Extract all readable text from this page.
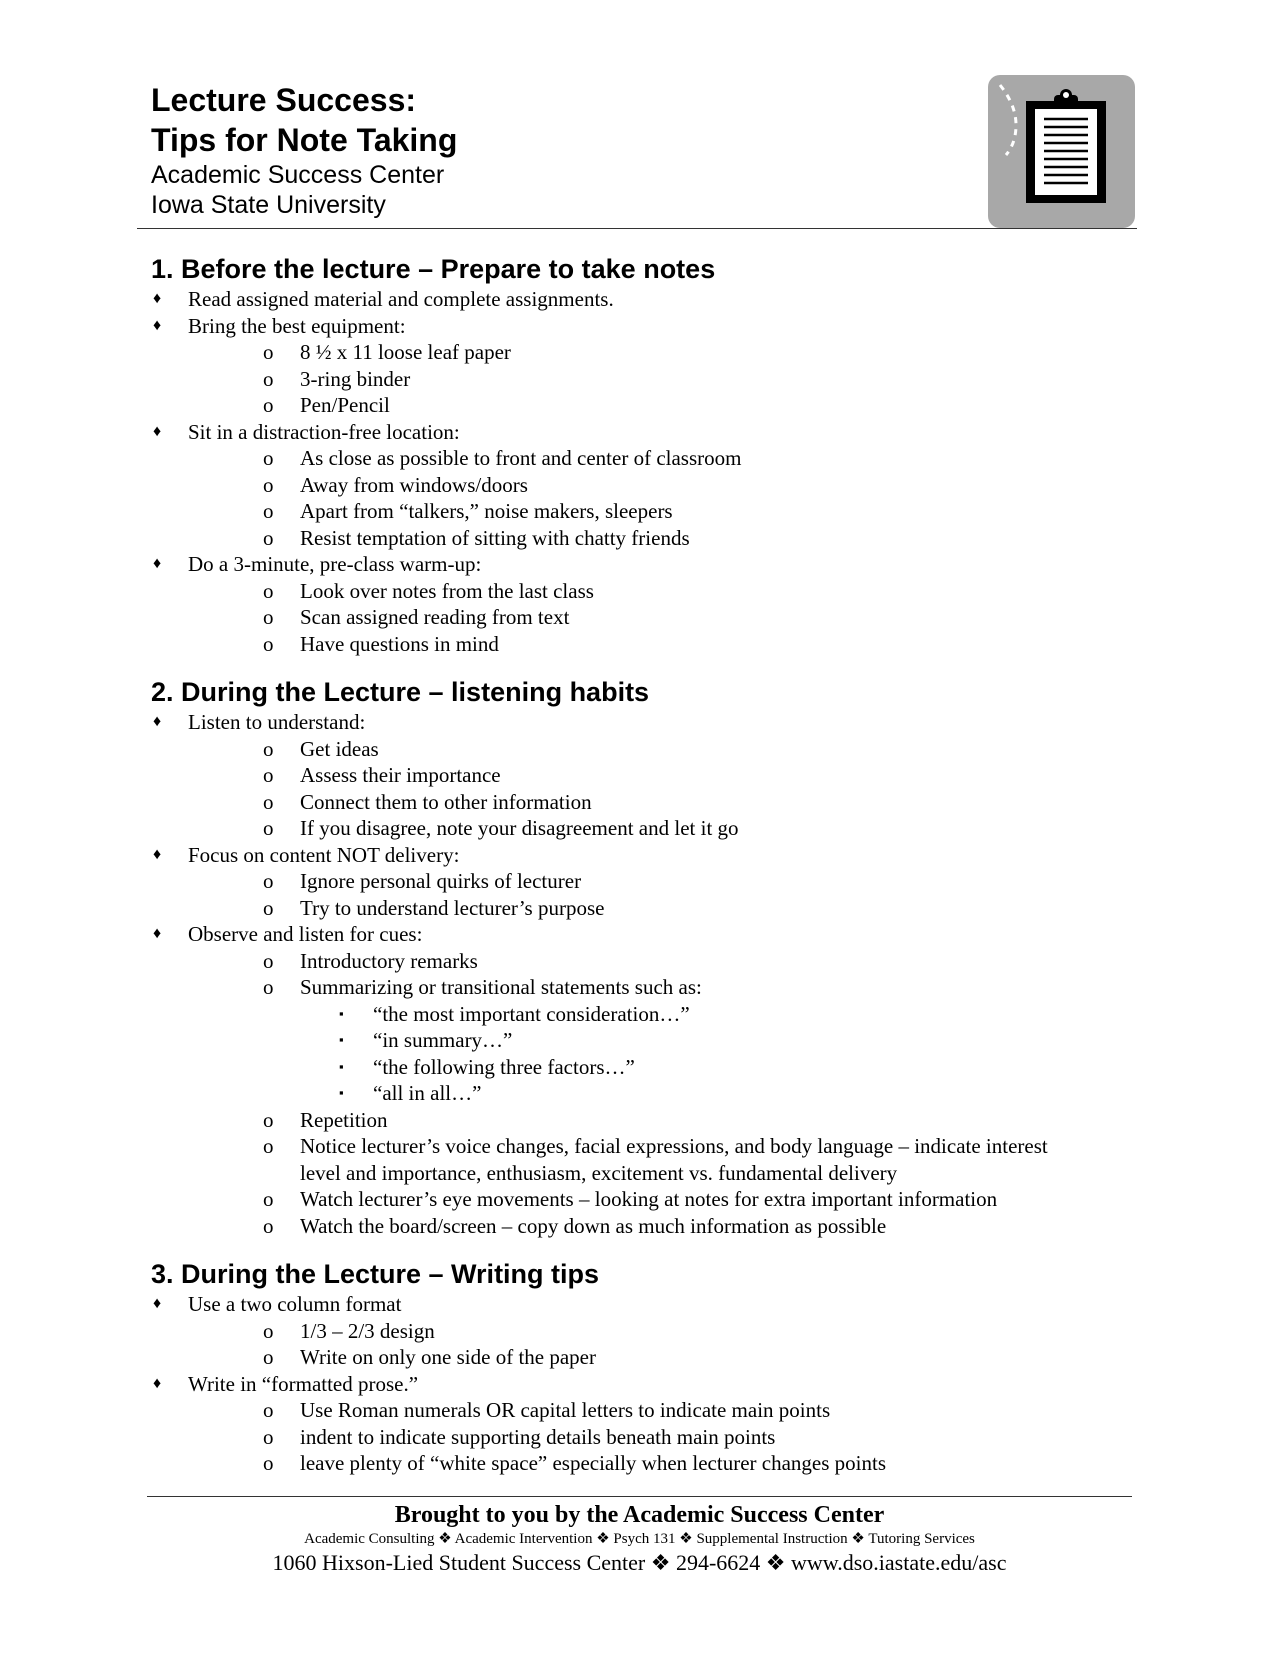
Lecture Success:

Tips for Note Taking

Academic Success Center

Iowa State University

1. Before the lecture – Prepare to take notes

♦ Read assigned material and complete assignments.
♦ Bring the best equipment:
o 8 ½ x 11 loose leaf paper
o 3-ring binder
o Pen/Pencil
♦ Sit in a distraction-free location:
o As close as possible to front and center of classroom
o Away from windows/doors
o Apart from “talkers,” noise makers, sleepers
o Resist temptation of sitting with chatty friends
♦ Do a 3-minute, pre-class warm-up:
o Look over notes from the last class
o Scan assigned reading from text
o Have questions in mind

2. During the Lecture – listening habits

♦ Listen to understand:
o Get ideas
o Assess their importance
o Connect them to other information
o If you disagree, note your disagreement and let it go
♦ Focus on content NOT delivery:
o Ignore personal quirks of lecturer
o Try to understand lecturer’s purpose
♦ Observe and listen for cues:
o Introductory remarks
o Summarizing or transitional statements such as:
▪ “the most important consideration…”
▪ “in summary…”
▪ “the following three factors…”
▪ “all in all…”
o Repetition
o Notice lecturer’s voice changes, facial expressions, and body language – indicate interest
level and importance, enthusiasm, excitement vs. fundamental delivery
o Watch lecturer’s eye movements – looking at notes for extra important information
o Watch the board/screen – copy down as much information as possible

3. During the Lecture – Writing tips

♦ Use a two column format
o 1/3 – 2/3 design
o Write on only one side of the paper
♦ Write in “formatted prose.”
o Use Roman numerals OR capital letters to indicate main points
o indent to indicate supporting details beneath main points
o leave plenty of “white space” especially when lecturer changes points

Brought to you by the Academic Success Center

Academic Consulting ❖ Academic Intervention ❖ Psych 131 ❖ Supplemental Instruction ❖ Tutoring Services

1060 Hixson-Lied Student Success Center ❖ 294-6624 ❖ www.dso.iastate.edu/asc
